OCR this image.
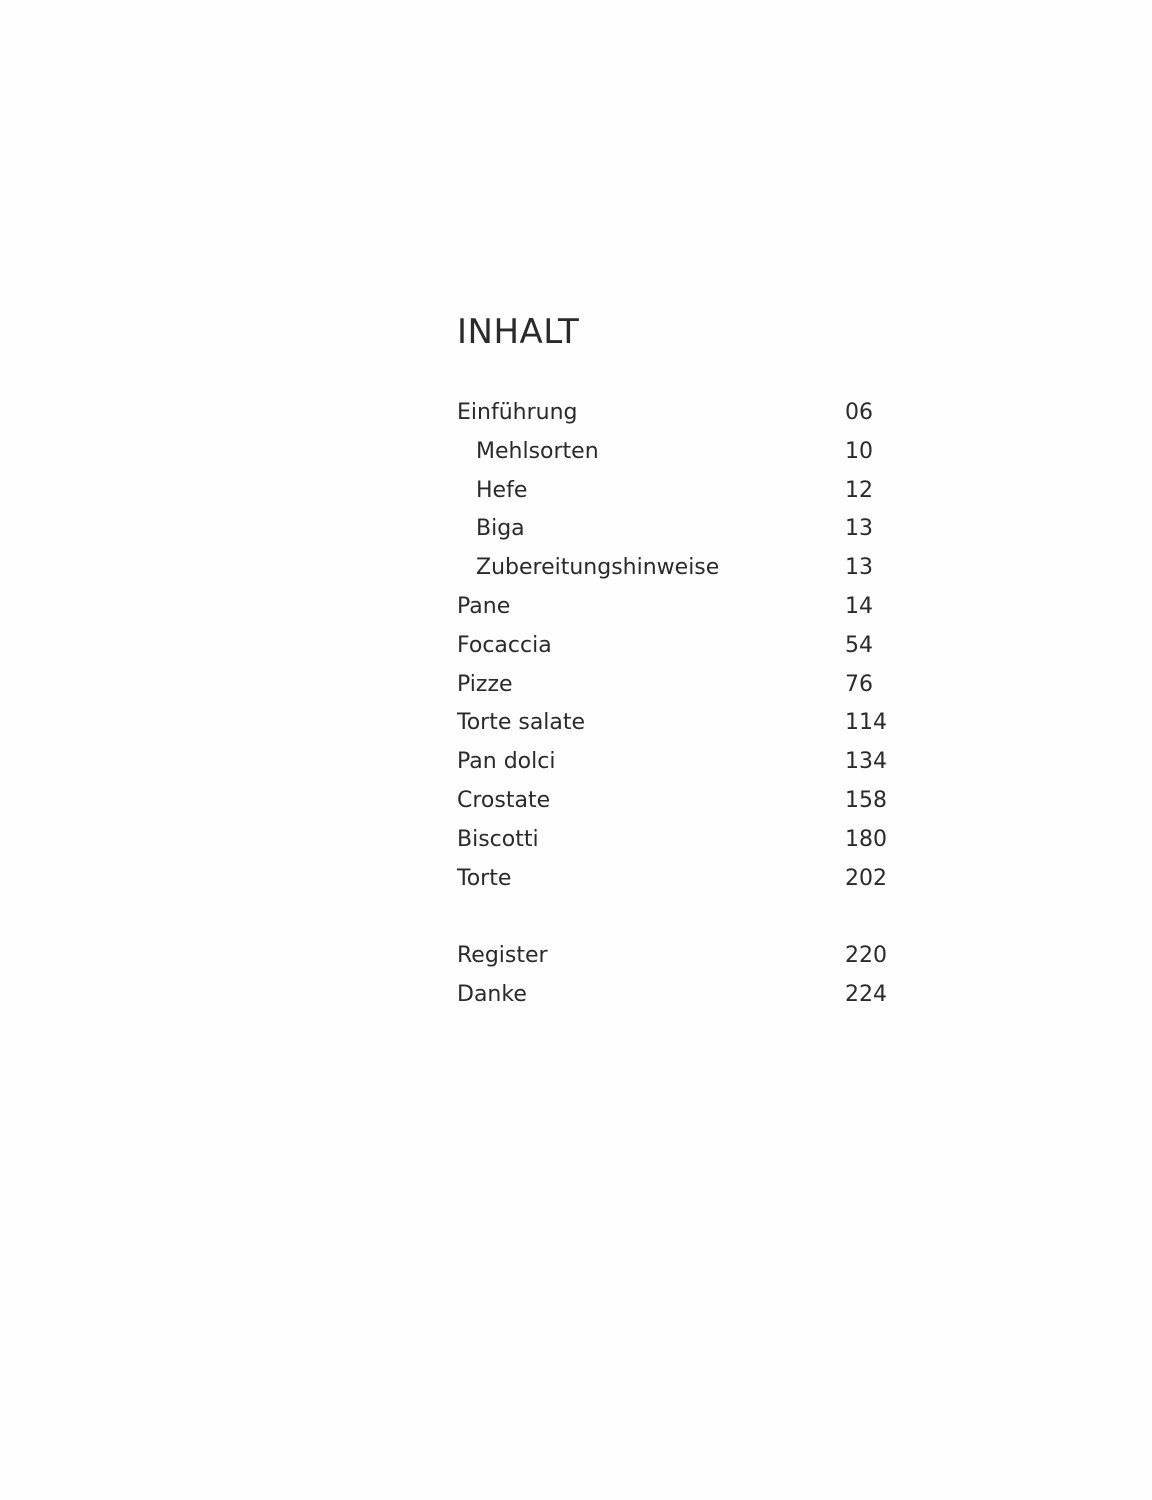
INHALT
Einführung	06
Mehlsorten	10
Hefe	12
Biga	13
Zubereitungshinweise	13
Pane	14
Focaccia	54
Pizze	76
Torte salate	114
Pan dolci	134
Crostate	158
Biscotti	180
Torte	202
Register	220
Danke	224
